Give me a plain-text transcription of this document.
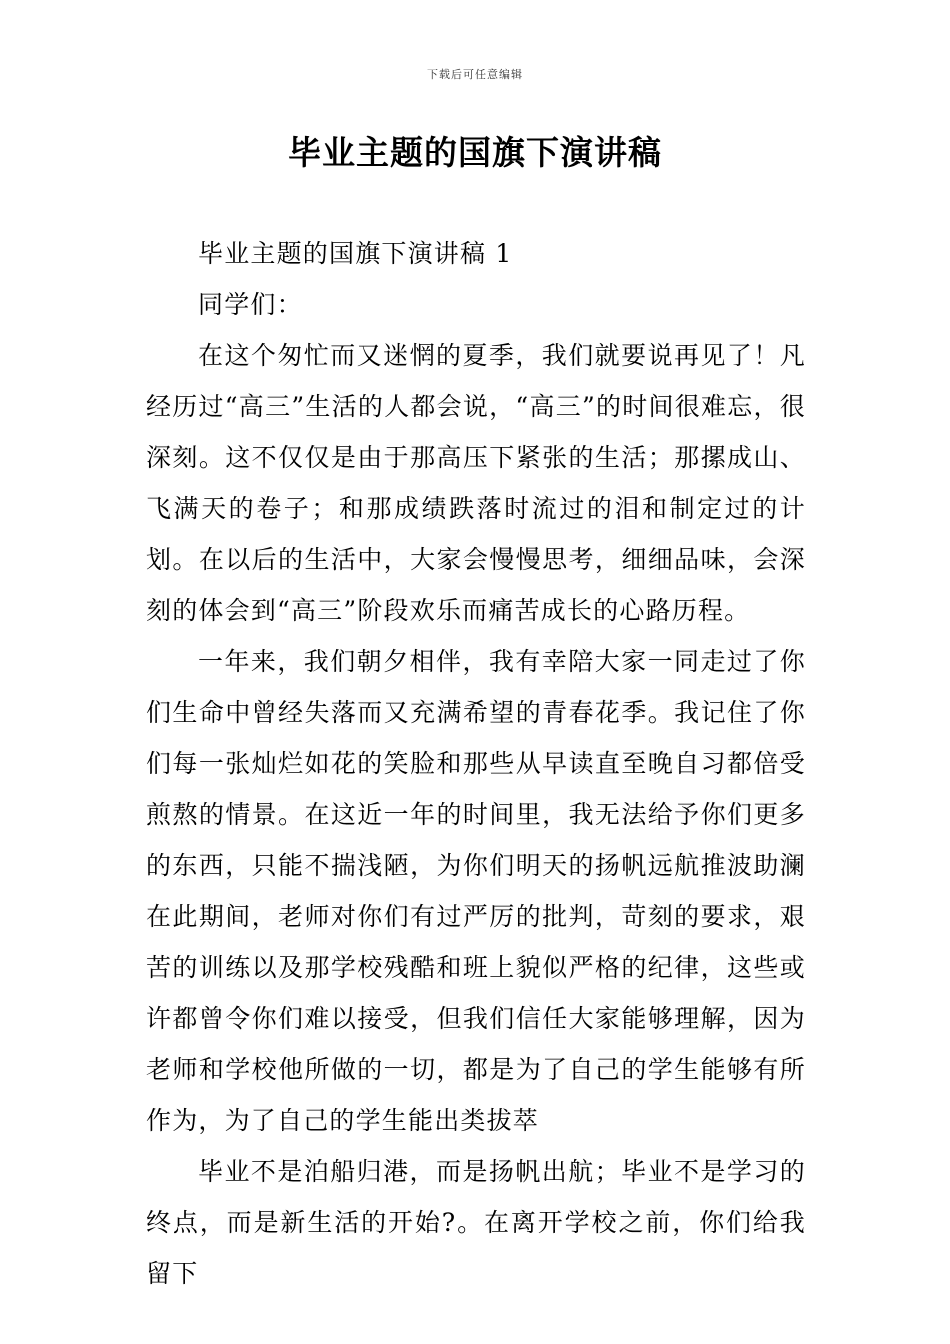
下载后可任意编辑
毕业主题的国旗下演讲稿

毕业主题的国旗下演讲稿 1

同学们：

在这个匆忙而又迷惘的夏季，我们就要说再见了！凡经历过“高三”生活的人都会说，“高三”的时间很难忘，很深刻。这不仅仅是由于那高压下紧张的生活；那摞成山、飞满天的卷子；和那成绩跌落时流过的泪和制定过的计划。在以后的生活中，大家会慢慢思考，细细品味，会深刻的体会到“高三”阶段欢乐而痛苦成长的心路历程。

一年来，我们朝夕相伴，我有幸陪大家一同走过了你们生命中曾经失落而又充满希望的青春花季。我记住了你们每一张灿烂如花的笑脸和那些从早读直至晚自习都倍受煎熬的情景。在这近一年的时间里，我无法给予你们更多的东西，只能不揣浅陋，为你们明天的扬帆远航推波助澜在此期间，老师对你们有过严厉的批判，苛刻的要求，艰苦的训练以及那学校残酷和班上貌似严格的纪律，这些或许都曾令你们难以接受，但我们信任大家能够理解，因为老师和学校他所做的一切，都是为了自己的学生能够有所作为，为了自己的学生能出类拔萃

毕业不是泊船归港，而是扬帆出航；毕业不是学习的终点，而是新生活的开始?。在离开学校之前，你们给我留下
